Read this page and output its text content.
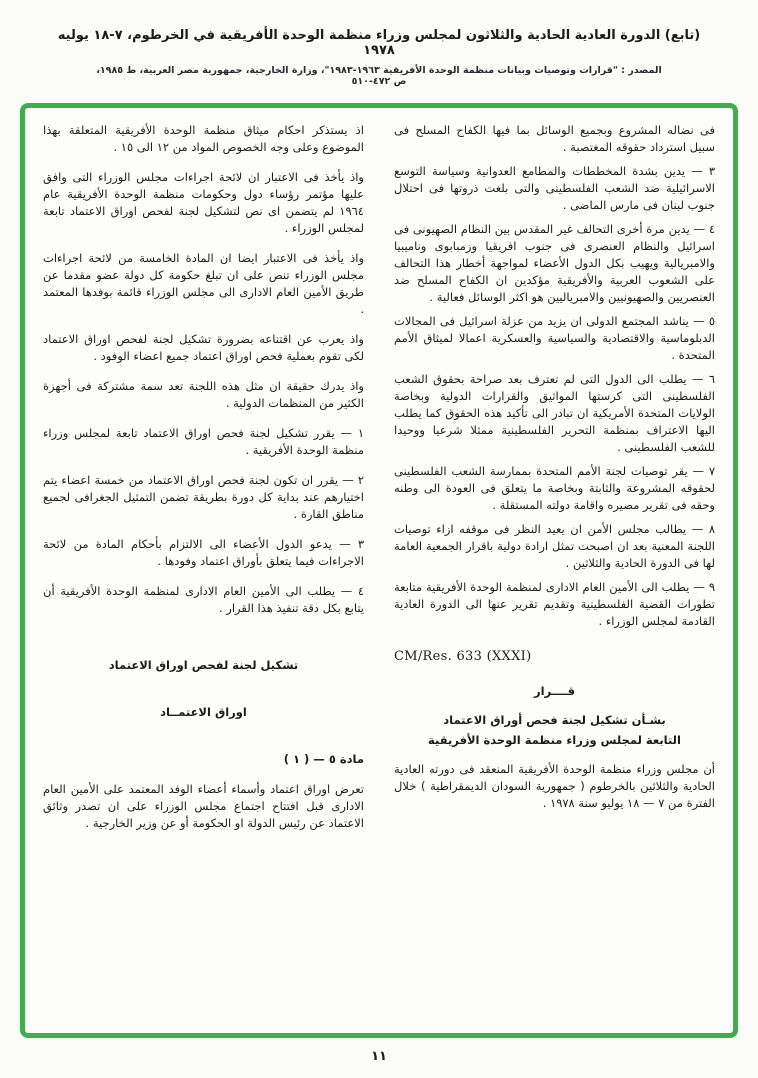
(تابع) الدورة العادية الحادية والثلاثون لمجلس وزراء منظمة الوحدة الأفريقية في الخرطوم، ٧-١٨ يوليه ١٩٧٨
المصدر : "قرارات وتوصيات وبيانات منظمة الوحدة الأفريقية ١٩٦٣-١٩٨٣"، وزارة الخارجية، جمهورية مصر العربية، ط ١٩٨٥، ص ٤٧٢-٥١٠

فى نضاله المشروع وبجميع الوسائل بما فيها الكفاح المسلح فى سبيل استرداد حقوقه المغتصبة .

٣ — يدين بشدة المخططات والمطامع العدوانية وسياسة التوسع الاسرائيلية ضد الشعب الفلسطينى والتى بلغت ذروتها فى احتلال جنوب لبنان فى مارس الماضى .

٤ — يدين مرة أخرى التحالف غير المقدس بين النظام الصهيونى فى اسرائيل والنظام العنصرى فى جنوب افريقيا وزمبابوى وناميبيا والامبريالية ويهيب بكل الدول الأعضاء لمواجهة أخطار هذا التحالف على الشعوب العربية والأفريقية مؤكدين ان الكفاح المسلح ضد العنصريين والصهيونيين والامبرياليين هو اكثر الوسائل فعالية .

٥ — يناشد المجتمع الدولى ان يزيد من عزلة اسرائيل فى المجالات الدبلوماسية والاقتصادية والسياسية والعسكرية اعمالا لميثاق الأمم المتحدة .

٦ — يطلب الى الدول التى لم تعترف بعد صراحة بحقوق الشعب الفلسطينى التى كرستها المواثيق والقرارات الدولية وبخاصة الولايات المتحدة الأمريكية ان تبادر الى تأكيد هذه الحقوق كما يطلب اليها الاعتراف بمنظمة التحرير الفلسطينية ممثلا شرعيا ووحيدا للشعب الفلسطينى .

٧ — يقر توصيات لجنة الأمم المتحدة بممارسة الشعب الفلسطينى لحقوقه المشروعة والثابتة وبخاصة ما يتعلق فى العودة الى وطنه وحقه فى تقرير مصيره واقامة دولته المستقلة .

٨ — يطالب مجلس الأمن ان يعيد النظر فى موقفه ازاء توصيات اللجنة المعنية بعد ان اصبحت تمثل ارادة دولية باقرار الجمعية العامة لها فى الدورة الحادية والثلاثين .

٩ — يطلب الى الأمين العام الادارى لمنظمة الوحدة الأفريقية متابعة تطورات القضية الفلسطينية وتقديم تقرير عنها الى الدورة العادية القادمة لمجلس الوزراء .

CM/Res. 633 (XXXI)

قــــرار

بشـأن تشكيل لجنة فحص أوراق الاعتماد

التابعة لمجلس وزراء منظمة الوحدة الأفريقية

أن مجلس وزراء منظمة الوحدة الأفريقية المنعقد فى دورته العادية الحادية والثلاثين بالخرطوم ( جمهورية السودان الديمقراطية ) خلال الفترة من ٧ — ١٨ يوليو سنة ١٩٧٨ .

اذ يستذكر احكام ميثاق منظمة الوحدة الأفريقية المتعلقة بهذا الموضوع وعلى وجه الخصوص المواد من ١٢ الى ١٥ .

واذ يأخذ فى الاعتبار ان لائحة اجراءات مجلس الوزراء التى وافق عليها مؤتمر رؤساء دول وحكومات منظمة الوحدة الأفريقية عام ١٩٦٤ لم يتضمن اى نص لتشكيل لجنة لفحص اوراق الاعتماد تابعة لمجلس الوزراء .

واذ يأخذ فى الاعتبار ايضا ان المادة الخامسة من لائحة اجراءات مجلس الوزراء تنص على ان تبلغ حكومة كل دولة عضو مقدما عن طريق الأمين العام الادارى الى مجلس الوزراء قائمة بوفدها المعتمد .

واذ يعرب عن اقتناعه بضرورة تشكيل لجنة لفحص اوراق الاعتماد لكى تقوم بعملية فحص اوراق اعتماد جميع اعضاء الوفود .

واذ يدرك حقيقة ان مثل هذه اللجنة تعد سمة مشتركة فى أجهزة الكثير من المنظمات الدولية .

١ — يقرر تشكيل لجنة فحص اوراق الاعتماد تابعة لمجلس وزراء منظمة الوحدة الأفريقية .

٢ — يقرر ان تكون لجنة فحص اوراق الاعتماد من خمسة اعضاء يتم اختيارهم عند بداية كل دورة بطريقة تضمن التمثيل الجغرافى لجميع مناطق القارة .

٣ — يدعو الدول الأعضاء الى الالتزام بأحكام المادة من لائحة الاجراءات فيما يتعلق بأوراق اعتماد وفودها .

٤ — يطلب الى الأمين العام الادارى لمنظمة الوحدة الأفريقية أن يتابع بكل دقة تنفيذ هذا القرار .

تشكيل لجنة لفحص اوراق الاعتماد

اوراق الاعتمــاد

مادة ٥ — ( ١ )

تعرض اوراق اعتماد وأسماء أعضاء الوفد المعتمد على الأمين العام الادارى قبل افتتاح اجتماع مجلس الوزراء على ان تصدر وثائق الاعتماد عن رئيس الدولة او الحكومة أو عن وزير الخارجية .

١١
